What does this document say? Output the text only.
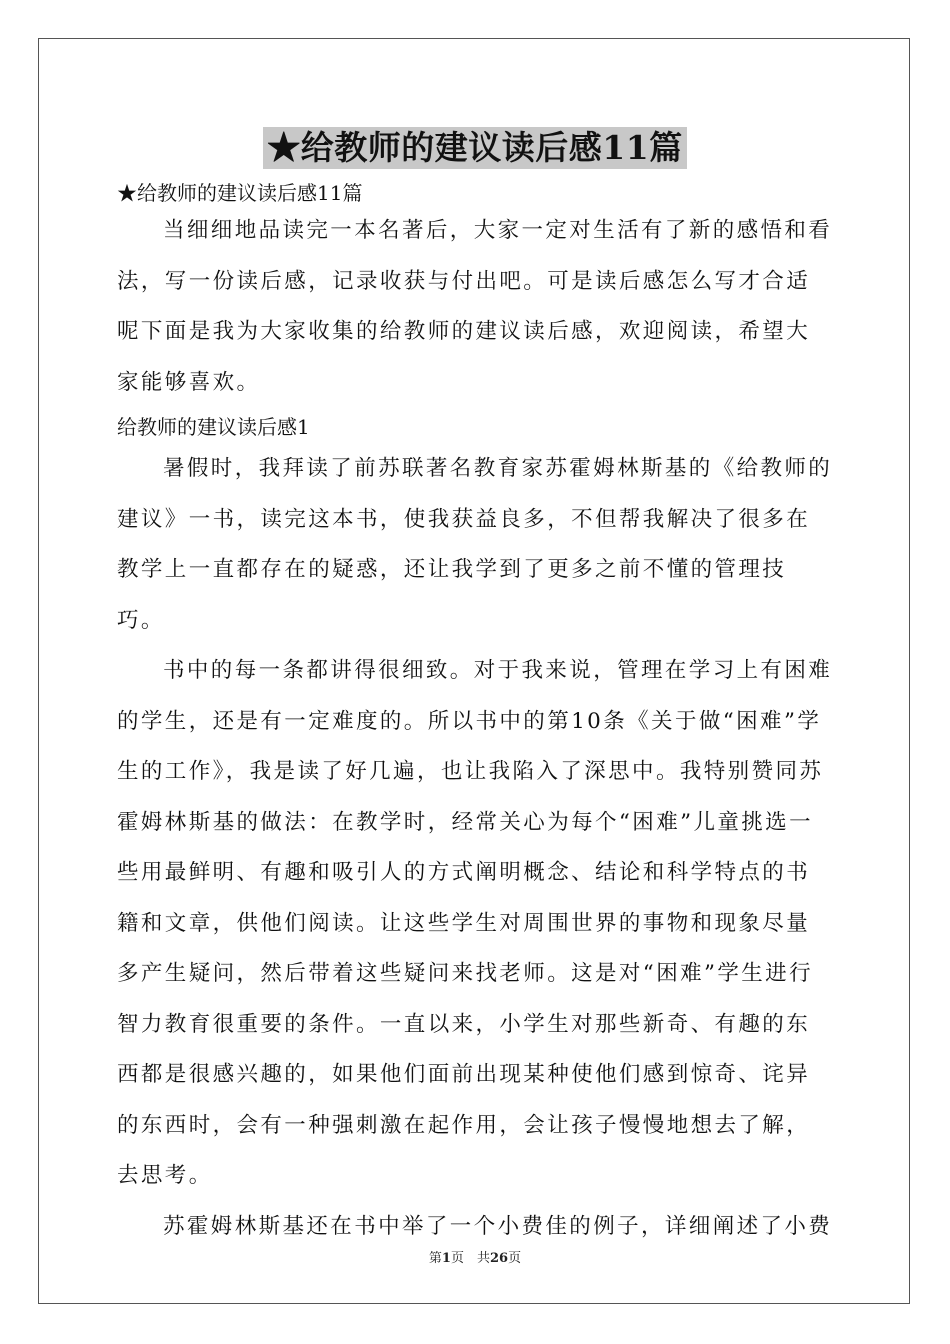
★给教师的建议读后感11篇
★给教师的建议读后感11篇
当细细地品读完一本名著后，大家一定对生活有了新的感悟和看法，写一份读后感，记录收获与付出吧。可是读后感怎么写才合适呢下面是我为大家收集的给教师的建议读后感，欢迎阅读，希望大家能够喜欢。
给教师的建议读后感1
暑假时，我拜读了前苏联著名教育家苏霍姆林斯基的《给教师的建议》一书，读完这本书，使我获益良多，不但帮我解决了很多在教学上一直都存在的疑惑，还让我学到了更多之前不懂的管理技巧。
书中的每一条都讲得很细致。对于我来说，管理在学习上有困难的学生，还是有一定难度的。所以书中的第10条《关于做“困难”学生的工作》，我是读了好几遍，也让我陷入了深思中。我特别赞同苏霍姆林斯基的做法：在教学时，经常关心为每个“困难”儿童挑选一些用最鲜明、有趣和吸引人的方式阐明概念、结论和科学特点的书籍和文章，供他们阅读。让这些学生对周围世界的事物和现象尽量多产生疑问，然后带着这些疑问来找老师。这是对“困难”学生进行智力教育很重要的条件。一直以来，小学生对那些新奇、有趣的东西都是很感兴趣的，如果他们面前出现某种使他们感到惊奇、诧异的东西时，会有一种强刺激在起作用，会让孩子慢慢地想去了解，去思考。
苏霍姆林斯基还在书中举了一个小费佳的例子，详细阐述了小费
第1页　共26页
